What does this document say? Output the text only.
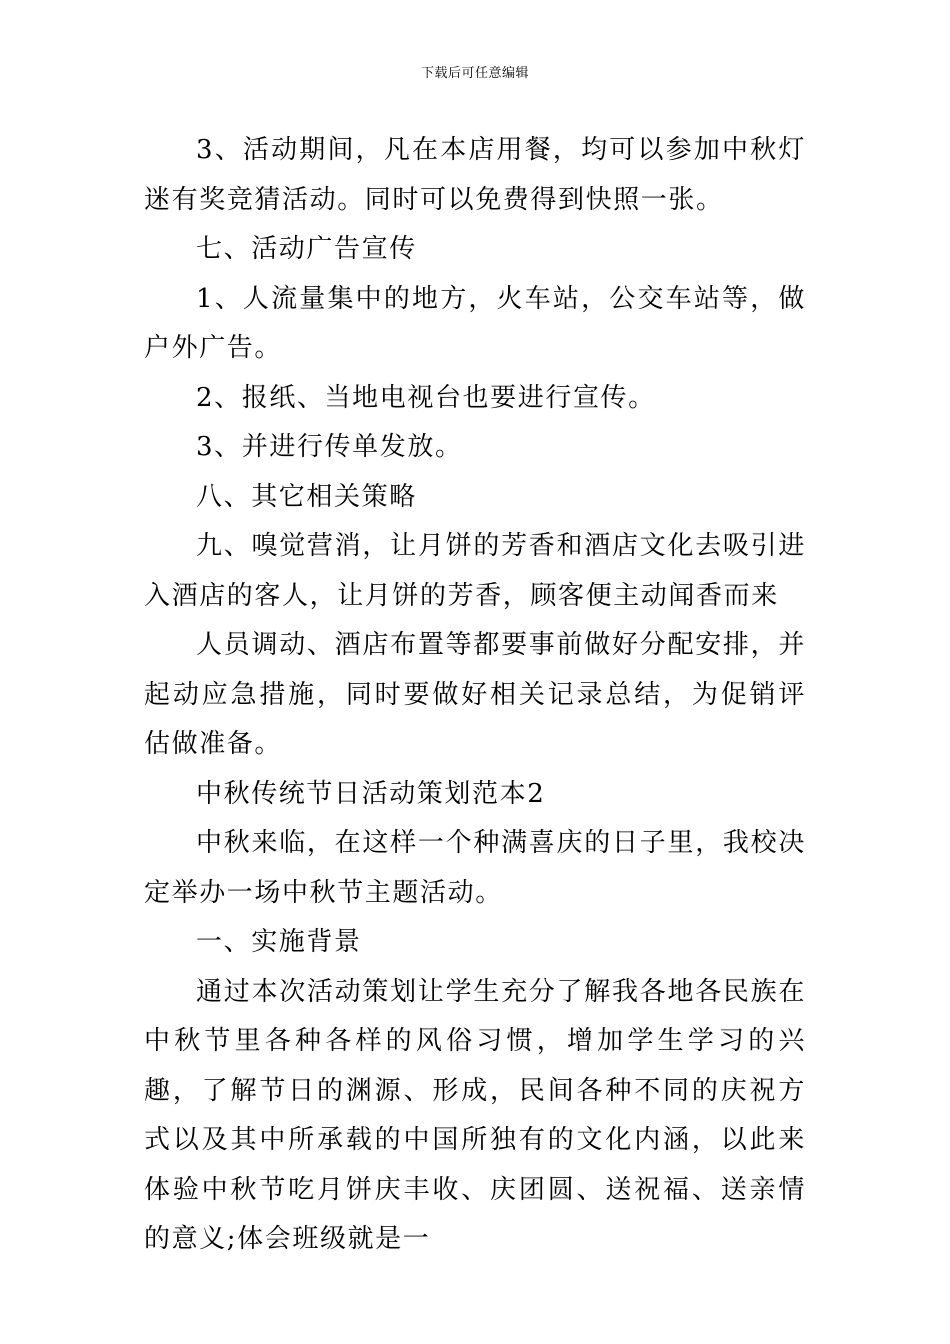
下载后可任意编辑

3、活动期间，凡在本店用餐，均可以参加中秋灯迷有奖竞猜活动。同时可以免费得到快照一张。

七、活动广告宣传

1、人流量集中的地方，火车站，公交车站等，做户外广告。

2、报纸、当地电视台也要进行宣传。

3、并进行传单发放。

八、其它相关策略

九、嗅觉营消，让月饼的芳香和酒店文化去吸引进入酒店的客人，让月饼的芳香，顾客便主动闻香而来

人员调动、酒店布置等都要事前做好分配安排，并起动应急措施，同时要做好相关记录总结，为促销评估做准备。

中秋传统节日活动策划范本2

中秋来临，在这样一个种满喜庆的日子里，我校决定举办一场中秋节主题活动。

一、实施背景

通过本次活动策划让学生充分了解我各地各民族在中秋节里各种各样的风俗习惯，增加学生学习的兴趣，了解节日的渊源、形成，民间各种不同的庆祝方式以及其中所承载的中国所独有的文化内涵，以此来体验中秋节吃月饼庆丰收、庆团圆、送祝福、送亲情的意义;体会班级就是一
